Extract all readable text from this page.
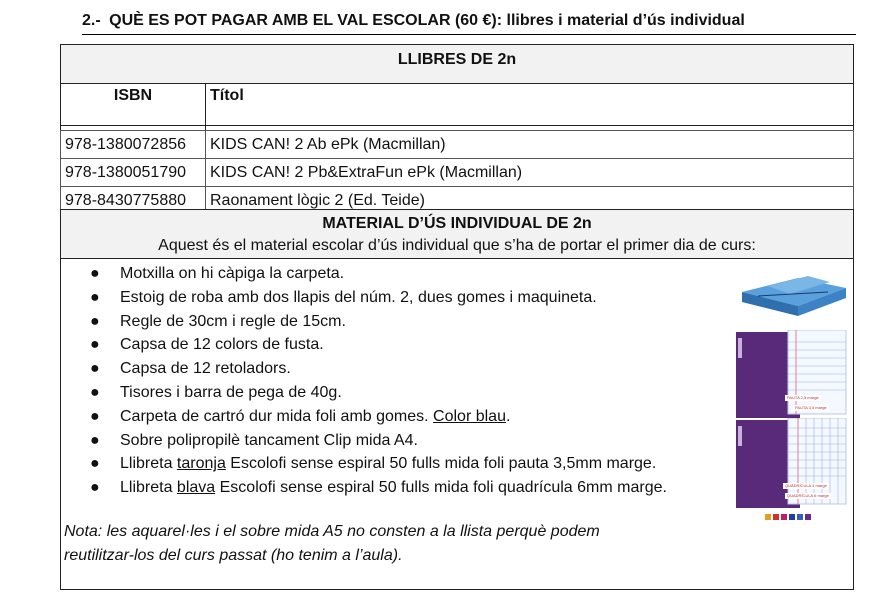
2.- QUÈ ES POT PAGAR AMB EL VAL ESCOLAR (60 €): llibres i material d’ús individual
LLIBRES DE 2n
ISBN	Títol

978-1380072856	KIDS CAN! 2 Ab ePk (Macmillan)
978-1380051790	KIDS CAN! 2 Pb&ExtraFun ePk (Macmillan)
978-8430775880	Raonament lògic 2 (Ed. Teide)
MATERIAL D’ÚS INDIVIDUAL DE 2n
Aquest és el material escolar d’ús individual que s’ha de portar el primer dia de curs:
● Motxilla on hi càpiga la carpeta.
● Estoig de roba amb dos llapis del núm. 2, dues gomes i maquineta.
● Regle de 30cm i regle de 15cm.
● Capsa de 12 colors de fusta.
● Capsa de 12 retoladors.
● Tisores i barra de pega de 40g.
● Carpeta de cartró dur mida foli amb gomes. Color blau.
● Sobre polipropilè tancament Clip mida A4.
● Llibreta taronja Escolofi sense espiral 50 fulls mida foli pauta 3,5mm marge.
● Llibreta blava Escolofi sense espiral 50 fulls mida foli quadrícula 6mm marge.
Nota: les aquarel·les i el sobre mida A5 no consten a la llista perquè podem
reutilitzar-los del curs passat (ho tenim a l’aula).
PAUTA 2,5 marge
PAUTA 3,5 marge
QUADRÍCULA 4 marge
QUADRÍCULA 6 marge
